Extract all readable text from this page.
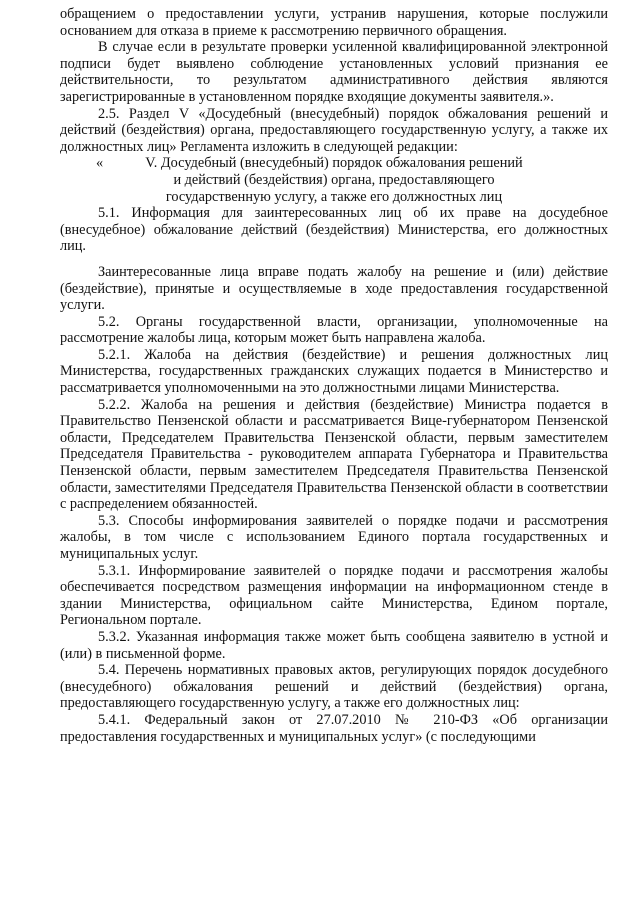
обращением о предоставлении услуги, устранив нарушения, которые послужили основанием для отказа в приеме к рассмотрению первичного обращения.

В случае если в результате проверки усиленной квалифицированной электронной подписи будет выявлено соблюдение установленных условий признания ее действительности, то результатом административного действия являются зарегистрированные в установленном порядке входящие документы заявителя.».

2.5. Раздел V «Досудебный (внесудебный) порядок обжалования решений и действий (бездействия) органа, предоставляющего государственную услугу, а также их должностных лиц» Регламента изложить в следующей редакции:

«	V. Досудебный (внесудебный) порядок обжалования решений
и действий (бездействия) органа, предоставляющего
государственную услугу, а также его должностных лиц

5.1. Информация для заинтересованных лиц об их праве на досудебное (внесудебное) обжалование действий (бездействия) Министерства, его должностных лиц.

Заинтересованные лица вправе подать жалобу на решение и (или) действие (бездействие), принятые и осуществляемые в ходе предоставления государственной услуги.

5.2. Органы государственной власти, организации, уполномоченные на рассмотрение жалобы лица, которым может быть направлена жалоба.

5.2.1. Жалоба на действия (бездействие) и решения должностных лиц Министерства, государственных гражданских служащих подается в Министерство и рассматривается уполномоченными на это должностными лицами Министерства.

5.2.2. Жалоба на решения и действия (бездействие) Министра подается в Правительство Пензенской области и рассматривается Вице-губернатором Пензенской области, Председателем Правительства Пензенской области, первым заместителем Председателя Правительства - руководителем аппарата Губернатора и Правительства Пензенской области, первым заместителем Председателя Правительства Пензенской области, заместителями Председателя Правительства Пензенской области в соответствии с распределением обязанностей.

5.3. Способы информирования заявителей о порядке подачи и рассмотрения жалобы, в том числе с использованием Единого портала государственных и муниципальных услуг.

5.3.1. Информирование заявителей о порядке подачи и рассмотрения жалобы обеспечивается посредством размещения информации на информационном стенде в здании Министерства, официальном сайте Министерства, Едином портале, Региональном портале.

5.3.2. Указанная информация также может быть сообщена заявителю в устной и (или) в письменной форме.

5.4. Перечень нормативных правовых актов, регулирующих порядок досудебного (внесудебного) обжалования решений и действий (бездействия) органа, предоставляющего государственную услугу, а также его должностных лиц:

5.4.1. Федеральный закон от 27.07.2010 № 210-ФЗ «Об организации предоставления государственных и муниципальных услуг» (с последующими
